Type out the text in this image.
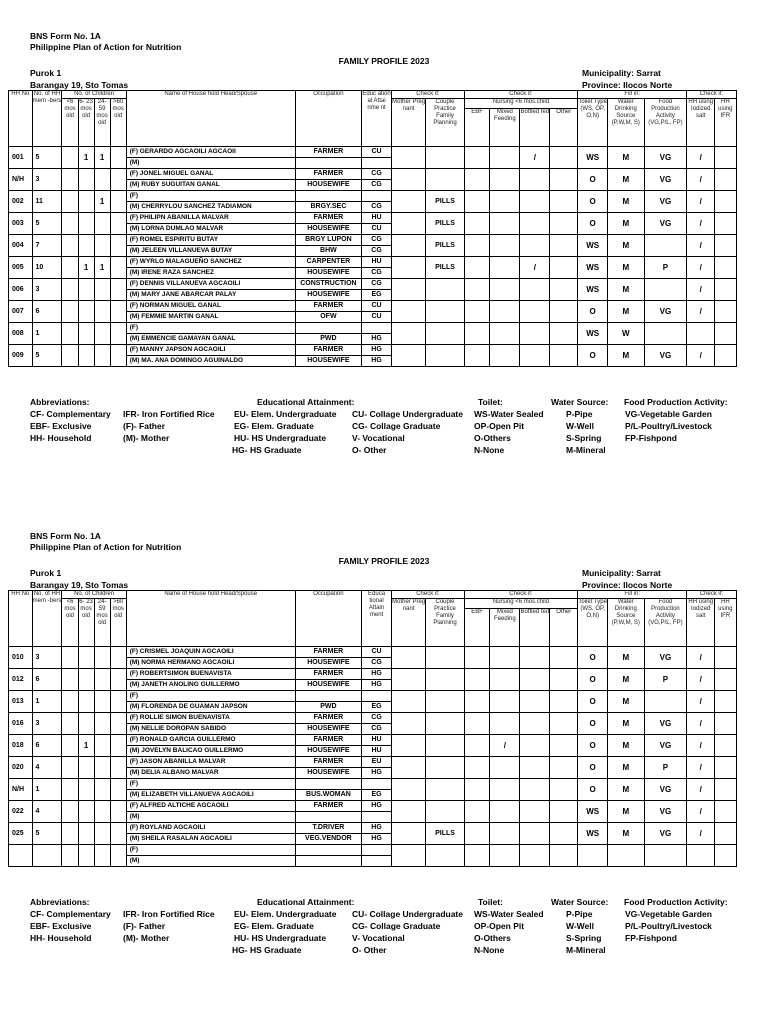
BNS Form No. 1A
Philippine Plan of Action for Nutrition
FAMILY PROFILE 2023
Purok 1
Barangay 19, Sto Tomas
Municipality: Sarrat
Province: Ilocos Norte
HH No	No. of HH mem -bers	No. of Children				Name of House hold Head/Spouse	Occupation	Educ ation al Attai nme nt	Check if:		Check if:				Fill in:			Check if:	
		<6 mos old	6- 23 mos old	24- 59 mos old	>60 mos old				Mother Preg nant	Couple Practice Family Planning	Nursing <6 mos.child				Toilet Type (WS, OP, O,N)	Water Drinking Source (P,W,M, S)	Food Production Activity (VG,P/L, FP)	HH using Iodized salt	HH using IFR
											EBF	Mixed Feeding	Bottled fed	Other					
001	5		1	1		(F) GERARDO AGCAOILI AGCAOII	FARMER	CU					/		WS	M	VG	/	
						(M)													
N/H	3					(F) JONEL MIGUEL GANAL	FARMER	CG							O	M	VG	/	
						(M) RUBY SUGUITAN GANAL	HOUSEWIFE	CG											
002	11			1		(F)				PILLS					O	M	VG	/	
						(M) CHERRYLOU SANCHEZ TADIAMON	BRGY.SEC	CG											
003	5					(F) PHILIPN ABANILLA MALVAR	FARMER	HU		PILLS					O	M	VG	/	
						(M) LORNA DUMLAO MALVAR	HOUSEWIFE	CU											
004	7					(F) ROMEL ESPIRITU BUTAY	BRGY LUPON	CG		PILLS					WS	M		/	
						(M) JELEEN VILLANUEVA BUTAY	BHW	CG											
005	10		1	1		(F) WYRLO MALAGUEÑO SANCHEZ	CARPENTER	HU		PILLS			/		WS	M	P	/	
						(M) IRENE RAZA SANCHEZ	HOUSEWIFE	CG											
006	3					(F) DENNIS VILLANUEVA AGCAOILI	CONSTRUCTION	CG							WS	M		/	
						(M) MARY JANE ABARCAR PALAY	HOUSEWIFE	EG											
007	6					(F) NORMAN MIGUEL GANAL	FARMER	CU							O	M	VG	/	
						(M) FEMMIE MARTIN GANAL	OFW	CU											
008	1					(F)									WS	W			
						(M) EMMENCIE GAMAYAN GANAL	PWD	HG											
009	5					(F) MANNY JAPSON AGCAOILI	FARMER	HG							O	M	VG	/	
						(M) MA. ANA DOMINGO AGUINALDO	HOUSEWIFE	HG											
Abbreviations:
CF- Complementary
EBF- Exclusive
HH- Household
IFR- Iron Fortified Rice
(F)- Father
(M)- Mother
Educational Attainment:
EU- Elem. Undergraduate
EG- Elem. Graduate
HU- HS Undergraduate
HG- HS Graduate
CU- Collage Undergraduate
CG- Collage Graduate
V- Vocational
O- Other
Toilet:
WS-Water Sealed
OP-Open Pit
O-Others
N-None
Water Source:
P-Pipe
W-Well
S-Spring
M-Mineral
Food Production Activity:
VG-Vegetable Garden
P/L-Poultry/Livestock
FP-Fishpond
BNS Form No. 1A
Philippine Plan of Action for Nutrition
FAMILY PROFILE 2023
Purok 1
Barangay 19, Sto Tomas
Municipality: Sarrat
Province: Ilocos Norte
HH No	No. of HH mem -bers	No. of Children				Name of House hold Head/Spouse	Occupation	Educa tional Attain ment	Check if:		Check if:				Fill in:			Check if:	
		<6 mos old	6- 23 mos old	24- 59 mos old	>60 mos old				Mother Preg nant	Couple Practice Family Planning	Nursing <6 mos.child				Toilet Type (WS, OP, O,N)	Water Drinking Source (P,W,M, S)	Food Production Activity (VG,P/L, FP)	HH using Iodized salt	HH using IFR
											EBF	Mixed Feeding	Bottled fed	Other					
010	3					(F) CRISMEL JOAQUIN AGCAOILI	FARMER	CU							O	M	VG	/	
						(M) NORMA HERMANO AGCAOILI	HOUSEWIFE	CG											
012	6					(F) ROBERTSIMON BUENAVISTA	FARMER	HG							O	M	P	/	
						(M) JANETH ANOLING GUILLERMO	HOUSEWIFE	HG											
013	1					(F)									O	M		/	
						(M) FLORENDA DE GUAMAN JAPSON	PWD	EG											
016	3					(F) ROLLIE SIMON BUENAVISTA	FARMER	CG							O	M	VG	/	
						(M) NELLIE DOROPAN SABIDO	HOUSEWIFE	CG											
018	6		1			(F) RONALD GARCIA GUILLERMO	FARMER	HU				/			O	M	VG	/	
						(M) JOVELYN BALICAO GUILLERMO	HOUSEWIFE	HU											
020	4					(F) JASON ABANILLA MALVAR	FARMER	EU							O	M	P	/	
						(M) DELIA ALBANO MALVAR	HOUSEWIFE	HG											
N/H	1					(F)									O	M	VG	/	
						(M) ELIZABETH VILLANUEVA AGCAOILI	BUS.WOMAN	EG											
022	4					(F) ALFRED ALTICHE AGCAOILI	FARMER	HG							WS	M	VG	/	
						(M)													
025	5					(F) ROYLAND AGCAOILI	T.DRIVER	HG		PILLS					WS	M	VG	/	
						(M) SHEILA RASALAN AGCAOILI	VEG.VENDOR	HG											
						(F)													
						(M)													
Abbreviations:
CF- Complementary
EBF- Exclusive
HH- Household
IFR- Iron Fortified Rice
(F)- Father
(M)- Mother
Educational Attainment:
EU- Elem. Undergraduate
EG- Elem. Graduate
HU- HS Undergraduate
HG- HS Graduate
CU- Collage Undergraduate
CG- Collage Graduate
V- Vocational
O- Other
Toilet:
WS-Water Sealed
OP-Open Pit
O-Others
N-None
Water Source:
P-Pipe
W-Well
S-Spring
M-Mineral
Food Production Activity:
VG-Vegetable Garden
P/L-Poultry/Livestock
FP-Fishpond
